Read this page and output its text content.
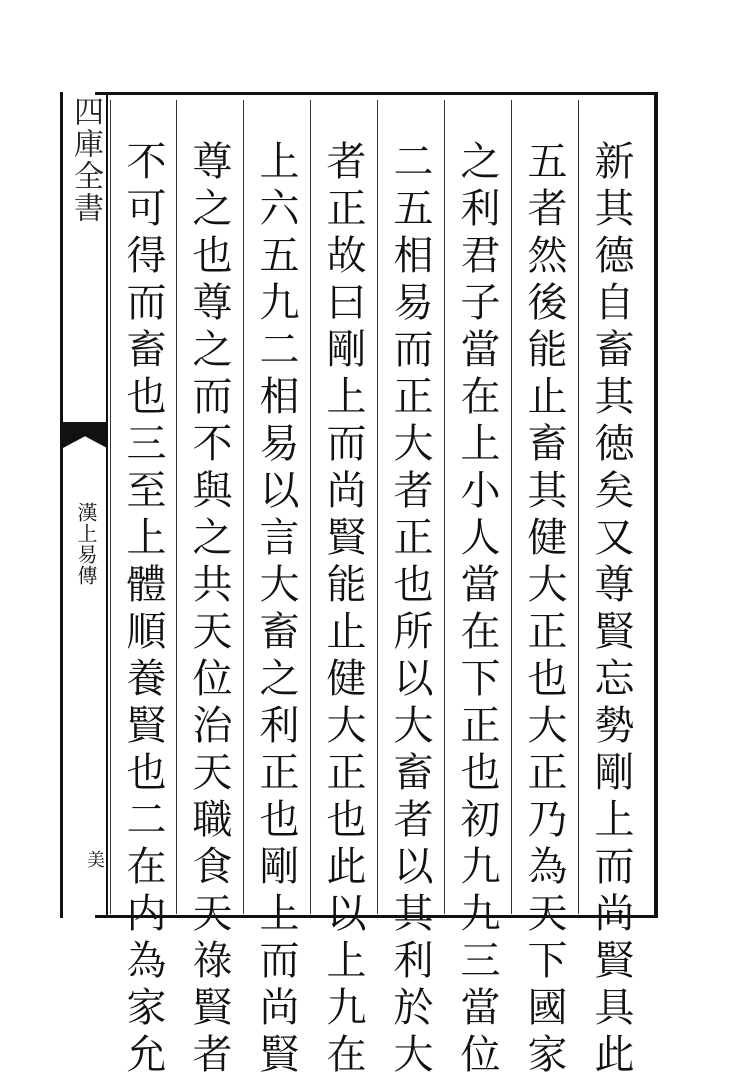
四庫全書
漢上易傳
美	新其德自畜其徳矣又尊賢忘勢剛上而尚賢具此
五者然後能止畜其健大正也大正乃為天下國家
之利君子當在上小人當在下正也初九九三當位
二五相易而正大者正也所以大畜者以其利於大
者正故曰剛上而尚賢能止健大正也此以上九在
上六五九二相易以言大畜之利正也剛上而尚賢
尊之也尊之而不與之共天位治天職食天祿賢者
不可得而畜也三至上體順養賢也二在内為家允
